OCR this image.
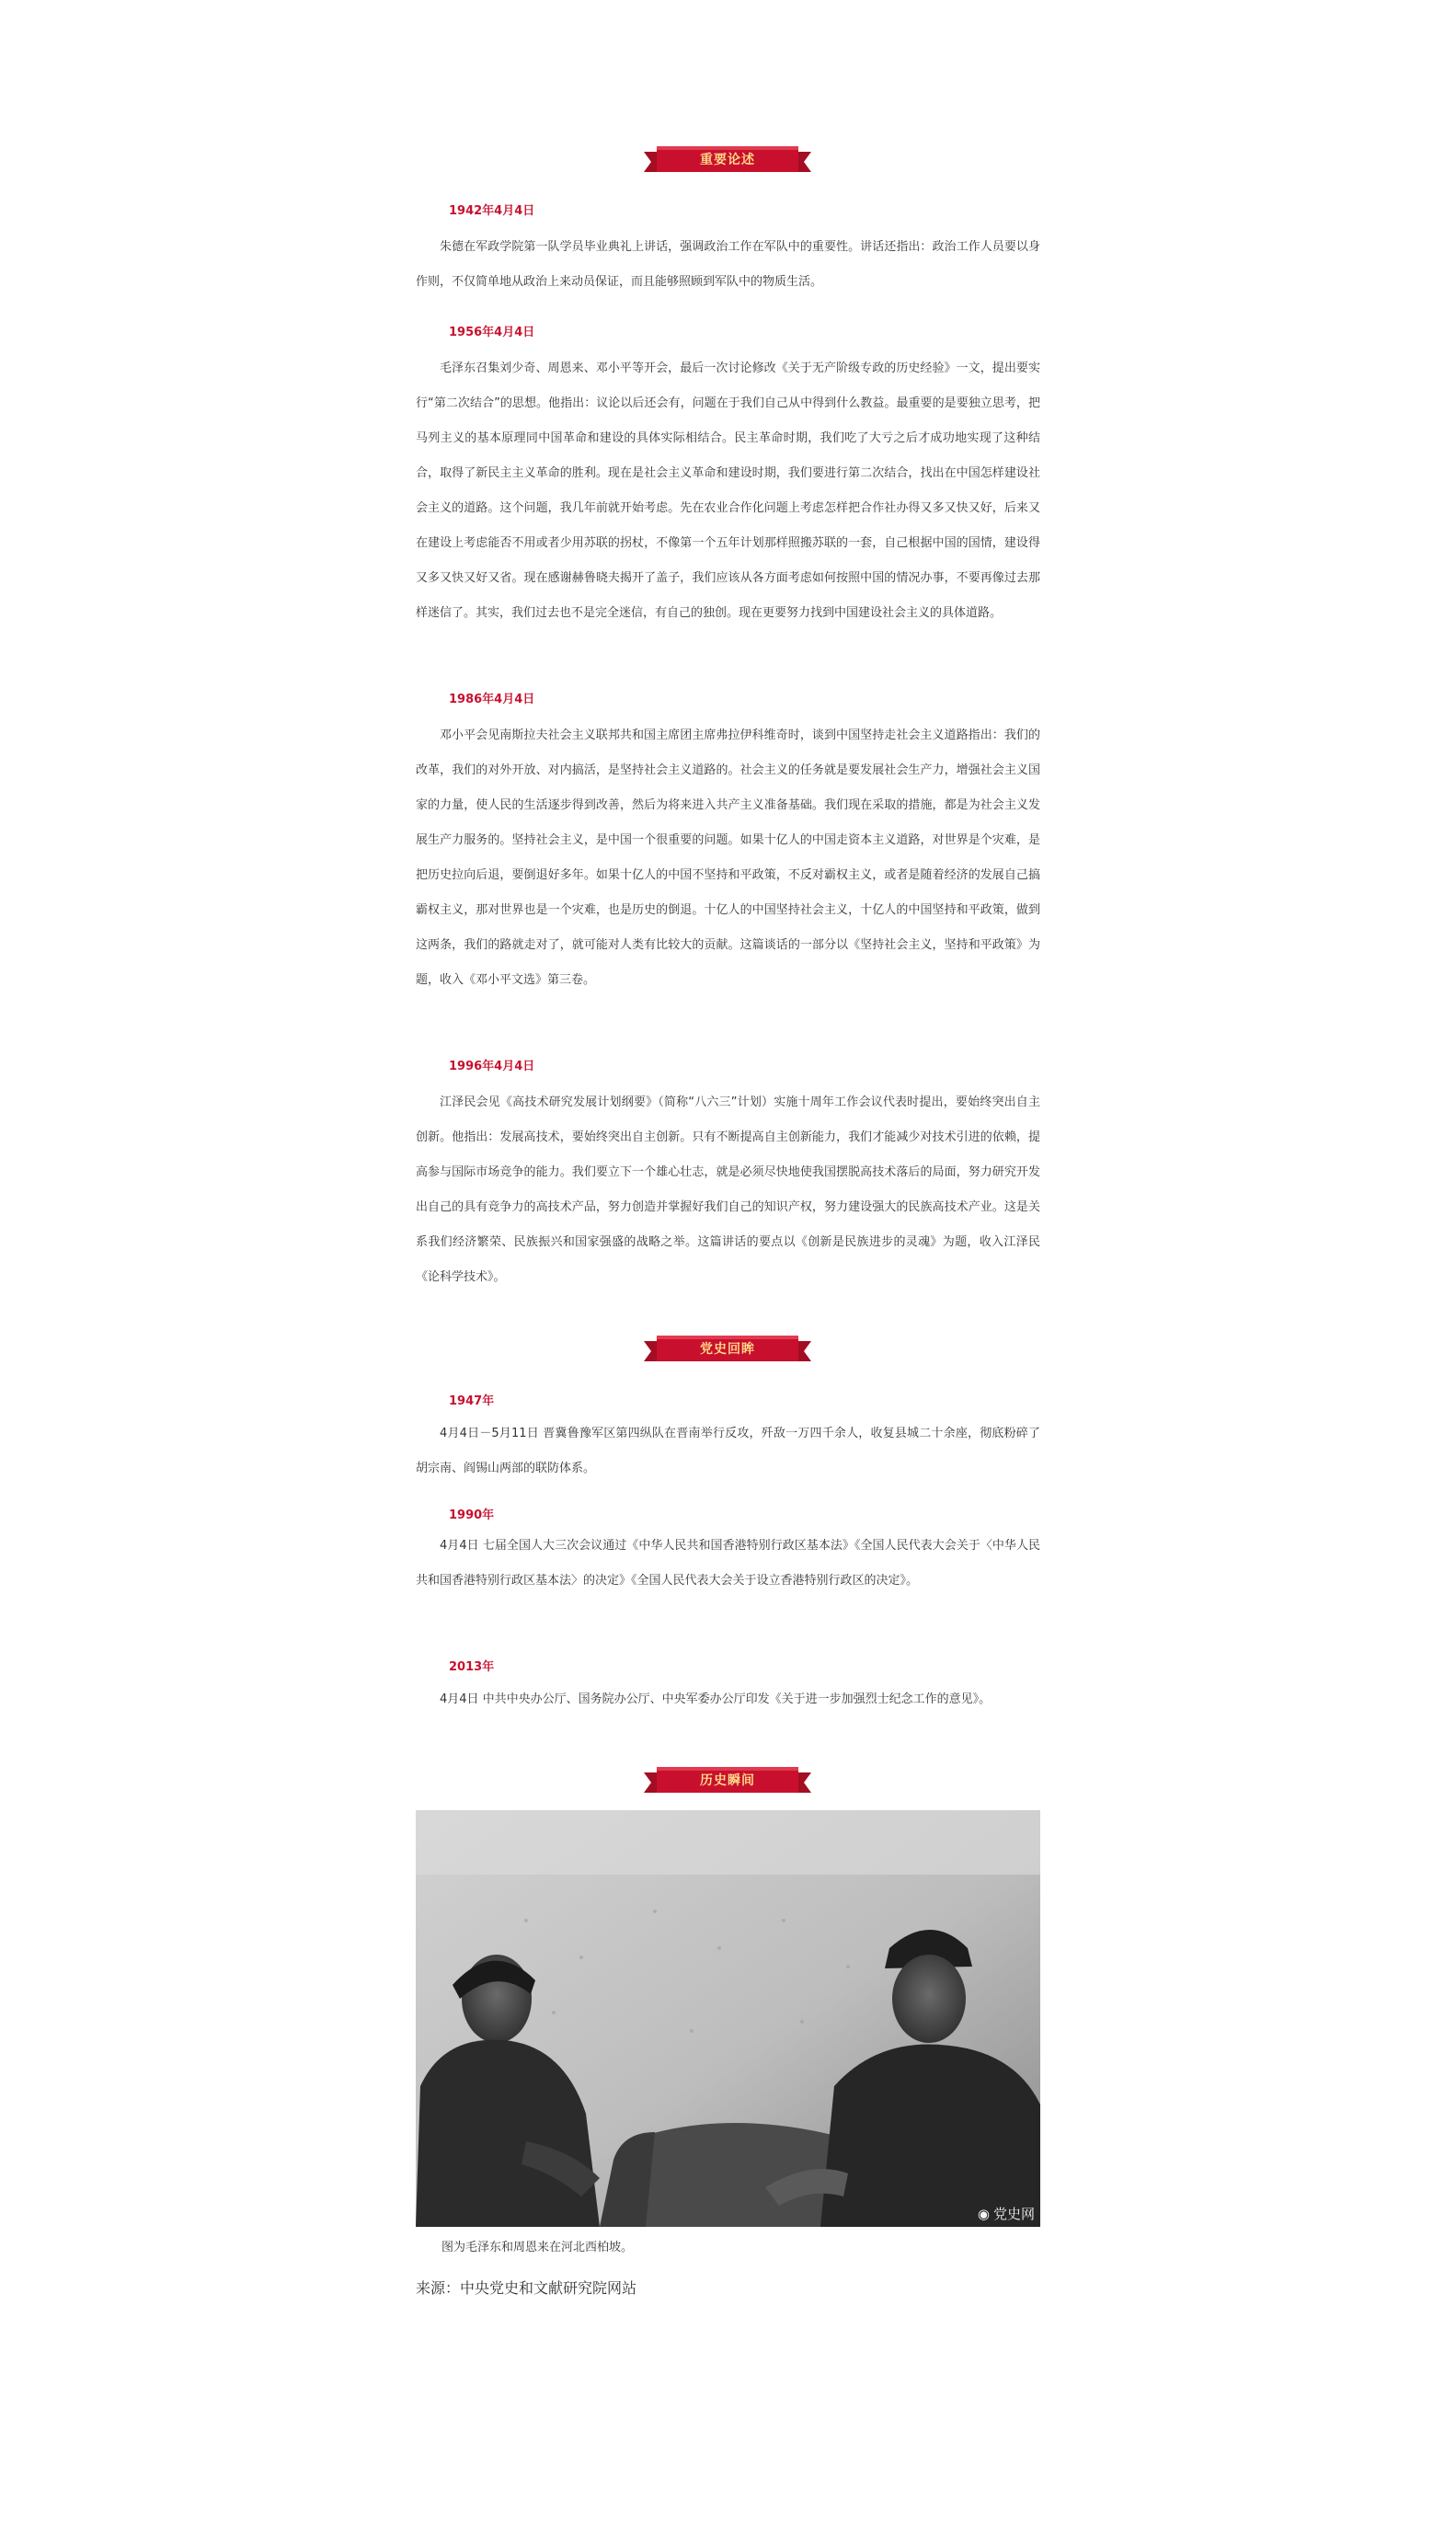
重要论述
1942年4月4日
朱德在军政学院第一队学员毕业典礼上讲话，强调政治工作在军队中的重要性。讲话还指出：政治工作人员要以身作则，不仅简单地从政治上来动员保证，而且能够照顾到军队中的物质生活。
1956年4月4日
毛泽东召集刘少奇、周恩来、邓小平等开会，最后一次讨论修改《关于无产阶级专政的历史经验》一文，提出要实行“第二次结合”的思想。他指出：议论以后还会有，问题在于我们自己从中得到什么教益。最重要的是要独立思考，把马列主义的基本原理同中国革命和建设的具体实际相结合。民主革命时期，我们吃了大亏之后才成功地实现了这种结合，取得了新民主主义革命的胜利。现在是社会主义革命和建设时期，我们要进行第二次结合，找出在中国怎样建设社会主义的道路。这个问题，我几年前就开始考虑。先在农业合作化问题上考虑怎样把合作社办得又多又快又好，后来又在建设上考虑能否不用或者少用苏联的拐杖，不像第一个五年计划那样照搬苏联的一套，自己根据中国的国情，建设得又多又快又好又省。现在感谢赫鲁晓夫揭开了盖子，我们应该从各方面考虑如何按照中国的情况办事，不要再像过去那样迷信了。其实，我们过去也不是完全迷信，有自己的独创。现在更要努力找到中国建设社会主义的具体道路。
1986年4月4日
邓小平会见南斯拉夫社会主义联邦共和国主席团主席弗拉伊科维奇时，谈到中国坚持走社会主义道路指出：我们的改革，我们的对外开放、对内搞活，是坚持社会主义道路的。社会主义的任务就是要发展社会生产力，增强社会主义国家的力量，使人民的生活逐步得到改善，然后为将来进入共产主义准备基础。我们现在采取的措施，都是为社会主义发展生产力服务的。坚持社会主义，是中国一个很重要的问题。如果十亿人的中国走资本主义道路，对世界是个灾难，是把历史拉向后退，要倒退好多年。如果十亿人的中国不坚持和平政策，不反对霸权主义，或者是随着经济的发展自己搞霸权主义，那对世界也是一个灾难，也是历史的倒退。十亿人的中国坚持社会主义，十亿人的中国坚持和平政策，做到这两条，我们的路就走对了，就可能对人类有比较大的贡献。这篇谈话的一部分以《坚持社会主义，坚持和平政策》为题，收入《邓小平文选》第三卷。
1996年4月4日
江泽民会见《高技术研究发展计划纲要》（简称“八六三”计划）实施十周年工作会议代表时提出，要始终突出自主创新。他指出：发展高技术，要始终突出自主创新。只有不断提高自主创新能力，我们才能减少对技术引进的依赖，提高参与国际市场竞争的能力。我们要立下一个雄心壮志，就是必须尽快地使我国摆脱高技术落后的局面，努力研究开发出自己的具有竞争力的高技术产品，努力创造并掌握好我们自己的知识产权，努力建设强大的民族高技术产业。这是关系我们经济繁荣、民族振兴和国家强盛的战略之举。这篇讲话的要点以《创新是民族进步的灵魂》为题，收入江泽民《论科学技术》。
党史回眸
1947年
4月4日－5月11日 晋冀鲁豫军区第四纵队在晋南举行反攻，歼敌一万四千余人，收复县城二十余座，彻底粉碎了胡宗南、阎锡山两部的联防体系。
1990年
4月4日 七届全国人大三次会议通过《中华人民共和国香港特别行政区基本法》《全国人民代表大会关于〈中华人民共和国香港特别行政区基本法〉的决定》《全国人民代表大会关于设立香港特别行政区的决定》。
2013年
4月4日 中共中央办公厅、国务院办公厅、中央军委办公厅印发《关于进一步加强烈士纪念工作的意见》。
历史瞬间
◉ 党史网
图为毛泽东和周恩来在河北西柏坡。
来源：中央党史和文献研究院网站
